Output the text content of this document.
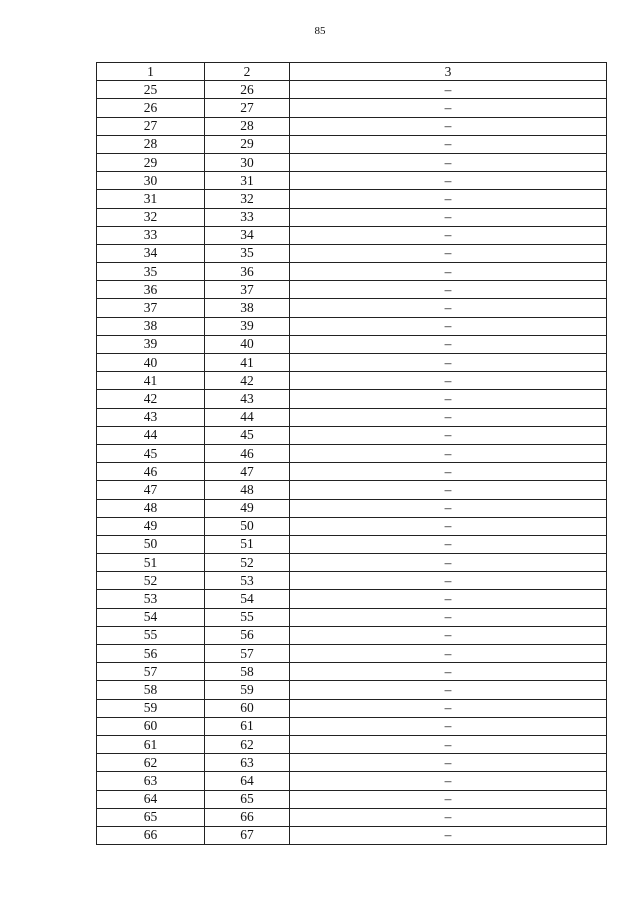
85
1	2	3
25	26	–
26	27	–
27	28	–
28	29	–
29	30	–
30	31	–
31	32	–
32	33	–
33	34	–
34	35	–
35	36	–
36	37	–
37	38	–
38	39	–
39	40	–
40	41	–
41	42	–
42	43	–
43	44	–
44	45	–
45	46	–
46	47	–
47	48	–
48	49	–
49	50	–
50	51	–
51	52	–
52	53	–
53	54	–
54	55	–
55	56	–
56	57	–
57	58	–
58	59	–
59	60	–
60	61	–
61	62	–
62	63	–
63	64	–
64	65	–
65	66	–
66	67	–
